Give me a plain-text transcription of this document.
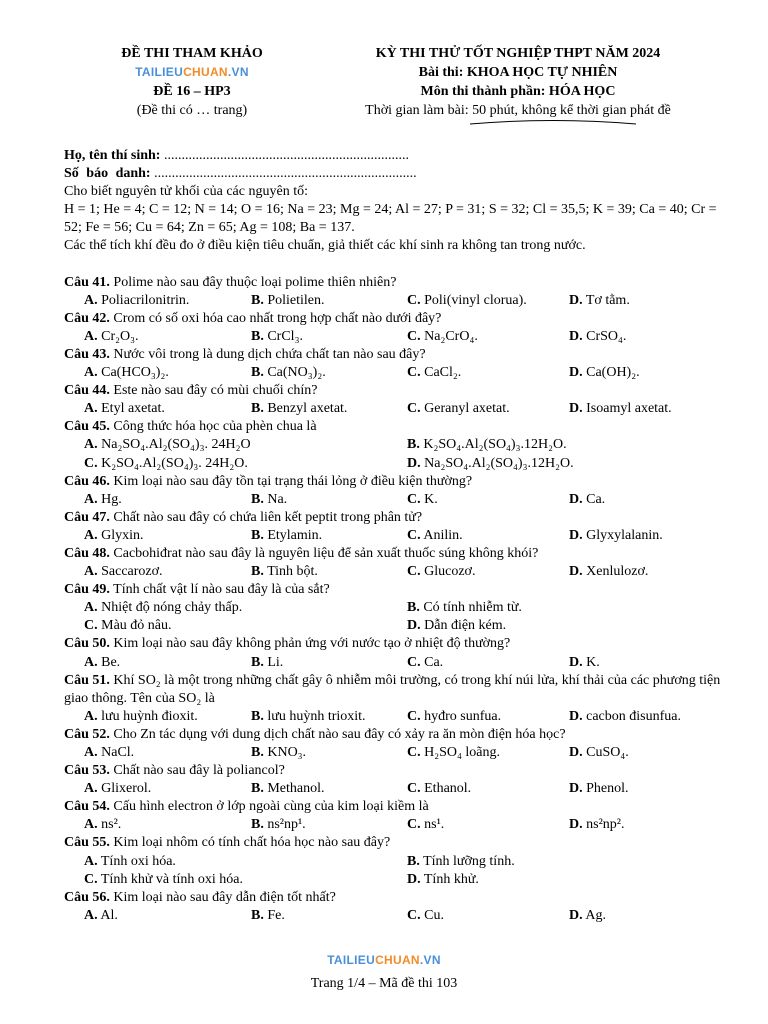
ĐỀ THI THAM KHẢO
TAILIEUCHUAN.VN
ĐỀ 16 – HP3
(Đề thi có … trang)
KỲ THI THỬ TỐT NGHIỆP THPT NĂM 2024
Bài thi: KHOA HỌC TỰ NHIÊN
Môn thi thành phần: HÓA HỌC
Thời gian làm bài: 50 phút, không kể thời gian phát đề
Họ, tên thí sinh: ......................................................................
Số báo danh: ...........................................................................
Cho biết nguyên tử khối của các nguyên tố:
H = 1; He = 4; C = 12; N = 14; O = 16; Na = 23; Mg = 24; Al = 27; P = 31; S = 32; Cl = 35,5; K = 39; Ca = 40; Cr = 52; Fe = 56; Cu = 64; Zn = 65; Ag = 108; Ba = 137.
Các thể tích khí đều đo ở điều kiện tiêu chuẩn, giả thiết các khí sinh ra không tan trong nước.
Câu 41. Polime nào sau đây thuộc loại polime thiên nhiên?
A. Poliacrilonitrin.	B. Polietilen.	C. Poli(vinyl clorua).	D. Tơ tằm.
Câu 42. Crom có số oxi hóa cao nhất trong hợp chất nào dưới đây?
A. Cr₂O₃.	B. CrCl₃.	C. Na₂CrO₄.	D. CrSO₄.
Câu 43. Nước vôi trong là dung dịch chứa chất tan nào sau đây?
A. Ca(HCO₃)₂.	B. Ca(NO₃)₂.	C. CaCl₂.	D. Ca(OH)₂.
Câu 44. Este nào sau đây có mùi chuối chín?
A. Etyl axetat.	B. Benzyl axetat.	C. Geranyl axetat.	D. Isoamyl axetat.
Câu 45. Công thức hóa học của phèn chua là
A. Na₂SO₄.Al₂(SO₄)₃. 24H₂O	B. K₂SO₄.Al₂(SO₄)₃.12H₂O.
C. K₂SO₄.Al₂(SO₄)₃. 24H₂O.	D. Na₂SO₄.Al₂(SO₄)₃.12H₂O.
Câu 46. Kim loại nào sau đây tồn tại trạng thái lỏng ở điều kiện thường?
A. Hg.	B. Na.	C. K.	D. Ca.
Câu 47. Chất nào sau đây có chứa liên kết peptit trong phân tử?
A. Glyxin.	B. Etylamin.	C. Anilin.	D. Glyxylalanin.
Câu 48. Cacbohiđrat nào sau đây là nguyên liệu để sản xuất thuốc súng không khói?
A. Saccarozơ.	B. Tinh bột.	C. Glucozơ.	D. Xenlulozơ.
Câu 49. Tính chất vật lí nào sau đây là của sắt?
A. Nhiệt độ nóng chảy thấp.	B. Có tính nhiễm từ.
C. Màu đỏ nâu.	D. Dẫn điện kém.
Câu 50. Kim loại nào sau đây không phản ứng với nước tạo ở nhiệt độ thường?
A. Be.	B. Li.	C. Ca.	D. K.
Câu 51. Khí SO₂ là một trong những chất gây ô nhiễm môi trường, có trong khí núi lửa, khí thải của các phương tiện giao thông. Tên của SO₂ là
A. lưu huỳnh đioxit.	B. lưu huỳnh trioxit.	C. hyđro sunfua.	D. cacbon đisunfua.
Câu 52. Cho Zn tác dụng với dung dịch chất nào sau đây có xảy ra ăn mòn điện hóa học?
A. NaCl.	B. KNO₃.	C. H₂SO₄ loãng.	D. CuSO₄.
Câu 53. Chất nào sau đây là poliancol?
A. Glixerol.	B. Methanol.	C. Ethanol.	D. Phenol.
Câu 54. Cấu hình electron ở lớp ngoài cùng của kim loại kiềm là
A. ns².	B. ns²np¹.	C. ns¹.	D. ns²np².
Câu 55. Kim loại nhôm có tính chất hóa học nào sau đây?
A. Tính oxi hóa.	B. Tính lưỡng tính.
C. Tính khử và tính oxi hóa.	D. Tính khử.
Câu 56. Kim loại nào sau đây dẫn điện tốt nhất?
A. Al.	B. Fe.	C. Cu.	D. Ag.
TAILIEUCHUAN.VN
Trang 1/4 – Mã đề thi 103
